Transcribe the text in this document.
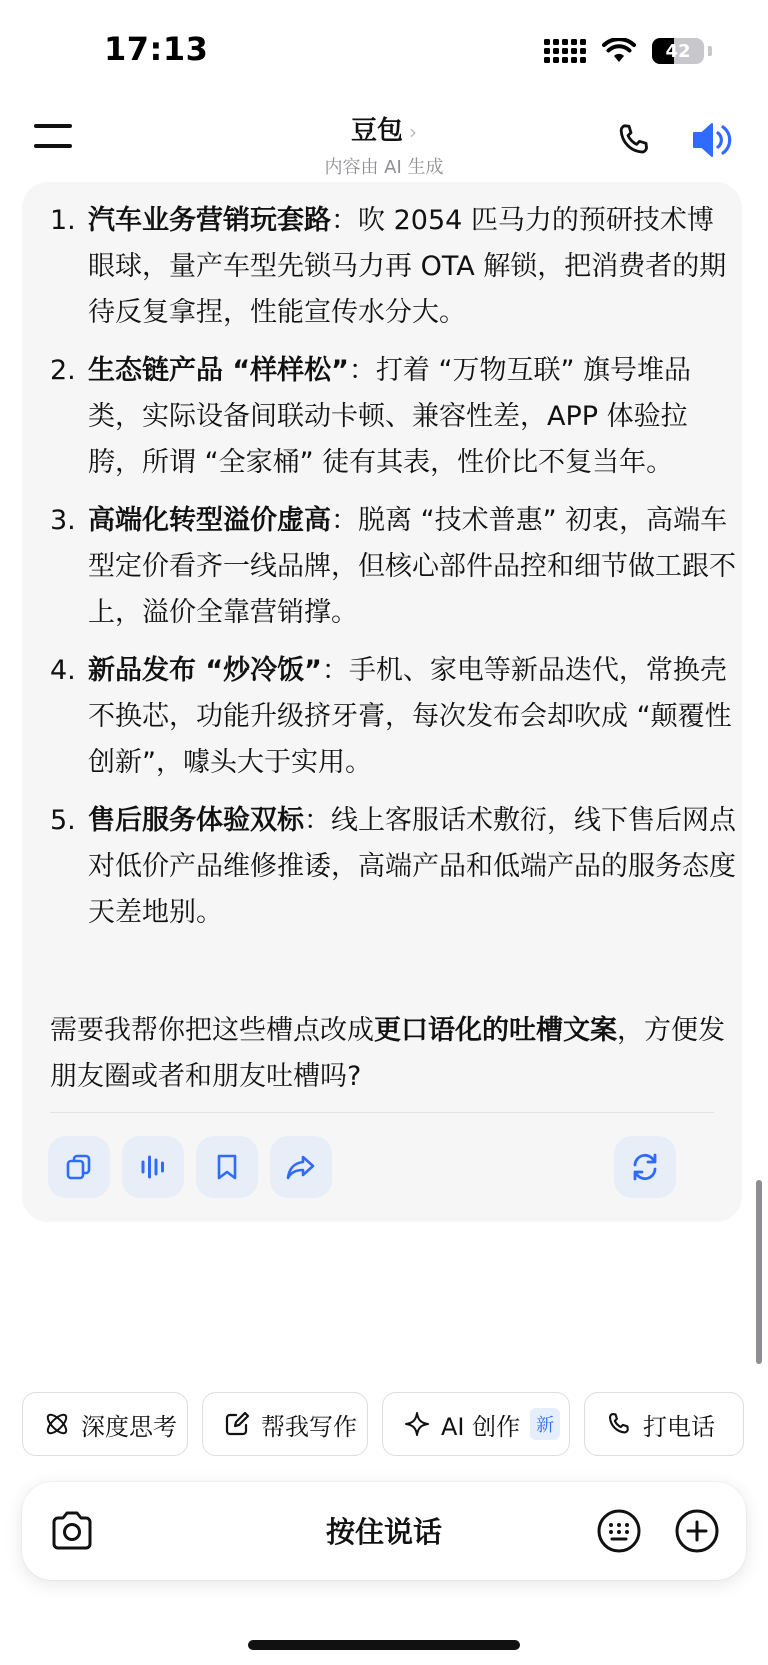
17:13	42
豆包 ›
内容由 AI 生成
1. 汽车业务营销玩套路：吹 2054 匹马力的预研技术博眼球，量产车型先锁马力再 OTA 解锁，把消费者的期待反复拿捏，性能宣传水分大。
2. 生态链产品 “样样松”：打着 “万物互联” 旗号堆品类，实际设备间联动卡顿、兼容性差，APP 体验拉胯，所谓 “全家桶” 徒有其表，性价比不复当年。
3. 高端化转型溢价虚高：脱离 “技术普惠” 初衷，高端车型定价看齐一线品牌，但核心部件品控和细节做工跟不上，溢价全靠营销撑。
4. 新品发布 “炒冷饭”：手机、家电等新品迭代，常换壳不换芯，功能升级挤牙膏，每次发布会却吹成 “颠覆性创新”，噱头大于实用。
5. 售后服务体验双标：线上客服话术敷衍，线下售后网点对低价产品维修推诿，高端产品和低端产品的服务态度天差地别。
需要我帮你把这些槽点改成更口语化的吐槽文案，方便发朋友圈或者和朋友吐槽吗?
深度思考	帮我写作	AI 创作 新	打电话
按住说话
